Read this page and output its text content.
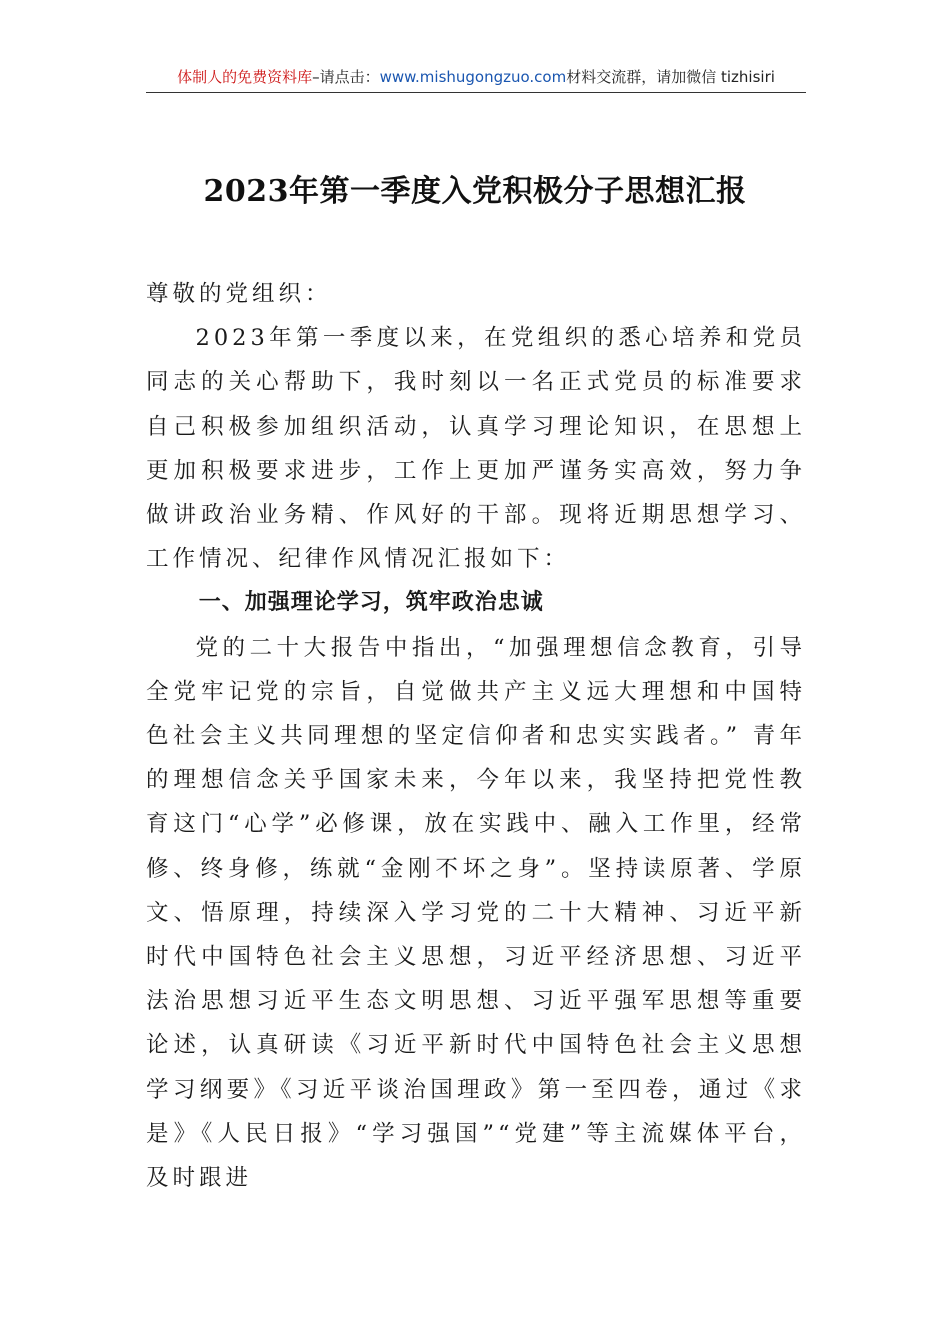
体制人的免费资料库–请点击：www.mishugongzuo.com材料交流群，请加微信 tizhisiri
2023年第一季度入党积极分子思想汇报

尊敬的党组织：

2023年第一季度以来，在党组织的悉心培养和党员同志的关心帮助下，我时刻以一名正式党员的标准要求自己积极参加组织活动，认真学习理论知识，在思想上更加积极要求进步，工作上更加严谨务实高效，努力争做讲政治业务精、作风好的干部。现将近期思想学习、工作情况、纪律作风情况汇报如下：

一、加强理论学习，筑牢政治忠诚

党的二十大报告中指出，“加强理想信念教育，引导全党牢记党的宗旨，自觉做共产主义远大理想和中国特色社会主义共同理想的坚定信仰者和忠实实践者。” 青年的理想信念关乎国家未来，今年以来，我坚持把党性教育这门“心学”必修课，放在实践中、融入工作里，经常修、终身修，练就“金刚不坏之身”。坚持读原著、学原文、悟原理，持续深入学习党的二十大精神、习近平新时代中国特色社会主义思想，习近平经济思想、习近平法治思想习近平生态文明思想、习近平强军思想等重要论述，认真研读《习近平新时代中国特色社会主义思想学习纲要》《习近平谈治国理政》第一至四卷，通过《求是》《人民日报》“学习强国”“党建”等主流媒体平台，及时跟进
